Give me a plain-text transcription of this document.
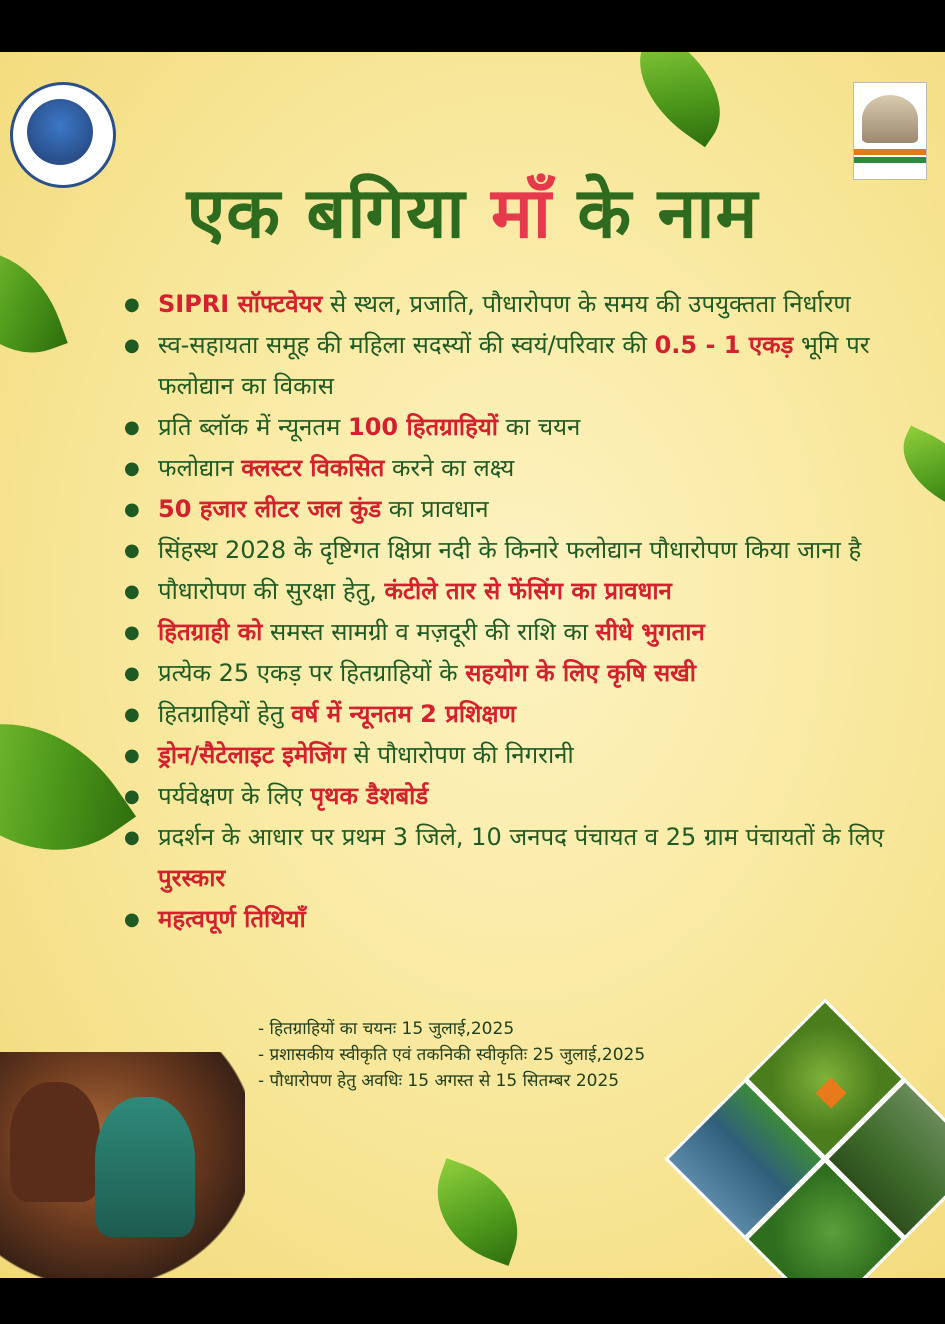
एक बगिया माँ के नाम
● SIPRI सॉफ्टवेयर से स्थल, प्रजाति, पौधारोपण के समय की उपयुक्तता निर्धारण
● स्व-सहायता समूह की महिला सदस्यों की स्वयं/परिवार की 0.5 - 1 एकड़ भूमि पर फलोद्यान का विकास
● प्रति ब्लॉक में न्यूनतम 100 हितग्राहियों का चयन
● फलोद्यान क्लस्टर विकसित करने का लक्ष्य
● 50 हजार लीटर जल कुंड का प्रावधान
● सिंहस्थ 2028 के दृष्टिगत क्षिप्रा नदी के किनारे फलोद्यान पौधारोपण किया जाना है
● पौधारोपण की सुरक्षा हेतु, कंटीले तार से फेंसिंग का प्रावधान
● हितग्राही को समस्त सामग्री व मज़दूरी की राशि का सीधे भुगतान
● प्रत्येक 25 एकड़ पर हितग्राहियों के सहयोग के लिए कृषि सखी
● हितग्राहियों हेतु वर्ष में न्यूनतम 2 प्रशिक्षण
● ड्रोन/सैटेलाइट इमेजिंग से पौधारोपण की निगरानी
● पर्यवेक्षण के लिए पृथक डैशबोर्ड
● प्रदर्शन के आधार पर प्रथम 3 जिले, 10 जनपद पंचायत व 25 ग्राम पंचायतों के लिए पुरस्कार
● महत्वपूर्ण तिथियाँ
- हितग्राहियों का चयनः 15 जुलाई,2025
- प्रशासकीय स्वीकृति एवं तकनिकी स्वीकृतिः 25 जुलाई,2025
- पौधारोपण हेतु अवधिः 15 अगस्त से 15 सितम्बर 2025
